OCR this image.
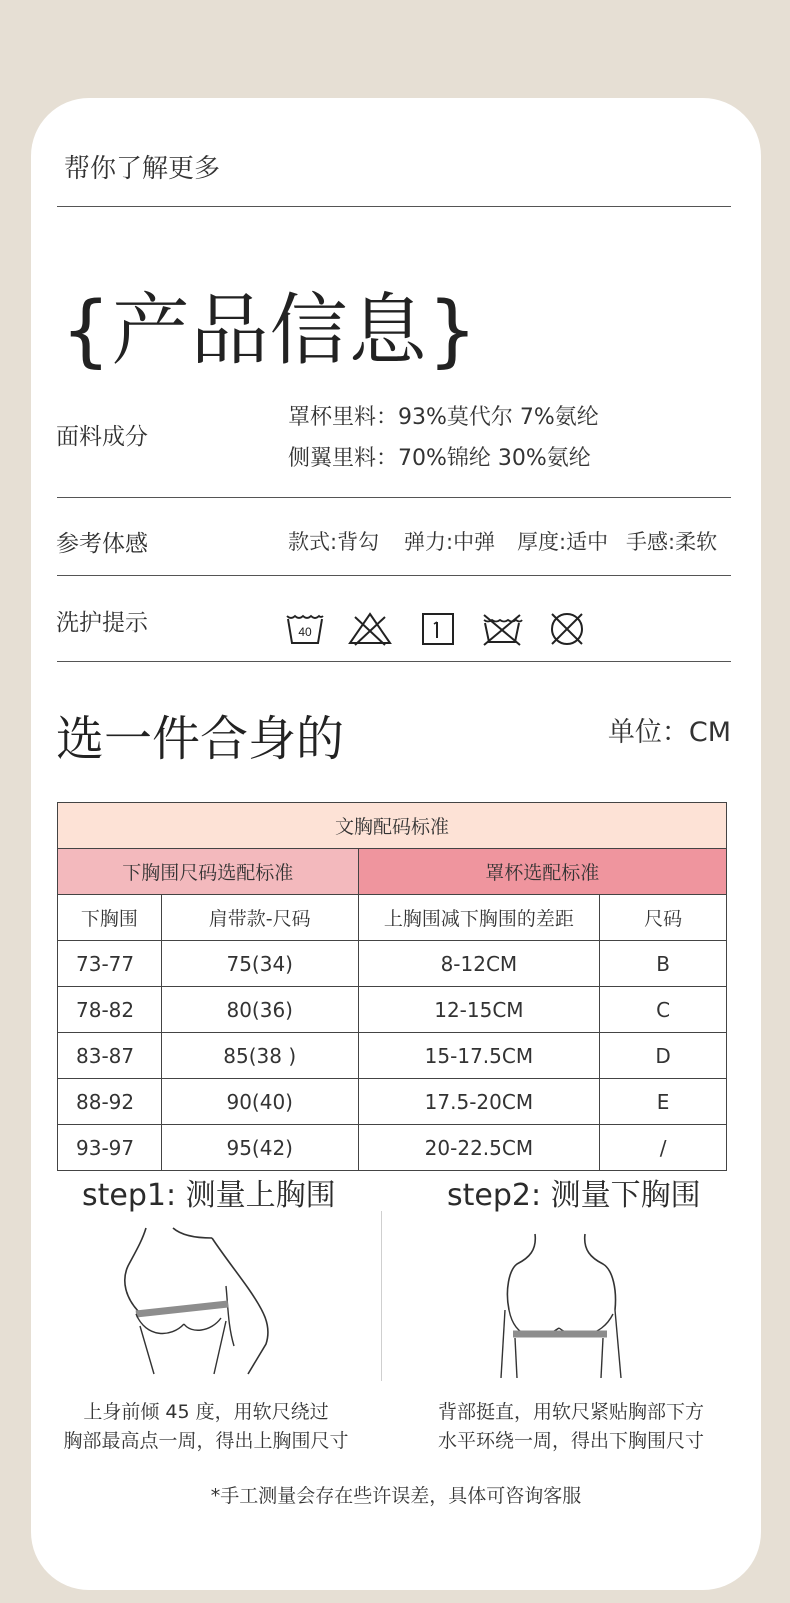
帮你了解更多
{产品信息}
面料成分
罩杯里料：93%莫代尔 7%氨纶
侧翼里料：70%锦纶 30%氨纶
参考体感	款式:背勾 弹力:中弹 厚度:适中 手感:柔软
洗护提示	40
选一件合身的	单位：CM
文胸配码标准			
下胸围尺码选配标准		罩杯选配标准	
下胸围	肩带款-尺码	上胸围减下胸围的差距	尺码
73-77	75(34)	8-12CM	B
78-82	80(36)	12-15CM	C
83-87	85(38 )	15-17.5CM	D
88-92	90(40)	17.5-20CM	E
93-97	95(42)	20-22.5CM	/
step1: 测量上胸围	step2: 测量下胸围
上身前倾 45 度，用软尺绕过
胸部最高点一周，得出上胸围尺寸
背部挺直，用软尺紧贴胸部下方
水平环绕一周，得出下胸围尺寸
*手工测量会存在些许误差，具体可咨询客服
